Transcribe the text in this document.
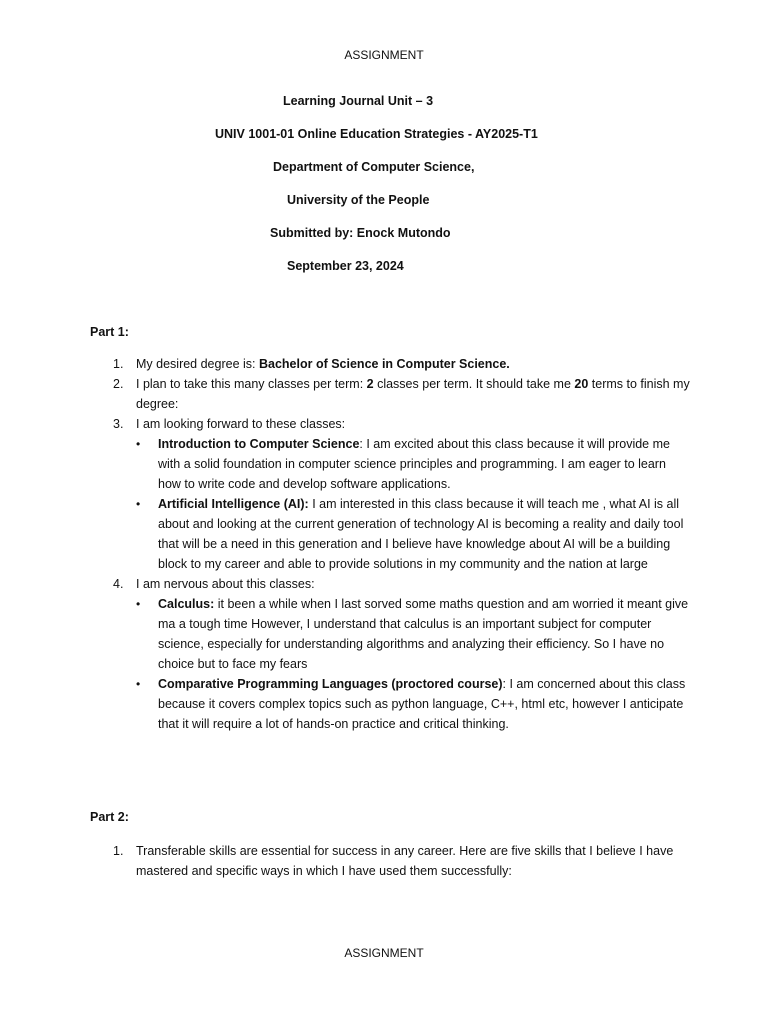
ASSIGNMENT
Learning Journal Unit – 3
UNIV 1001-01 Online Education Strategies - AY2025-T1
Department of Computer Science,
University of the People
Submitted by: Enock Mutondo
September 23, 2024
Part 1:
1. My desired degree is: Bachelor of Science in Computer Science.
2. I plan to take this many classes per term: 2 classes per term. It should take me 20 terms to finish my degree:
3. I am looking forward to these classes:
• Introduction to Computer Science: I am excited about this class because it will provide me with a solid foundation in computer science principles and programming. I am eager to learn how to write code and develop software applications.
• Artificial Intelligence (AI): I am interested in this class because it will teach me , what AI is all about and looking at the current generation of technology AI is becoming a reality and daily tool that will be a need in this generation and I believe have knowledge about AI will be a building block to my career and able to provide solutions in my community and the nation at large
4. I am nervous about this classes:
• Calculus: it been a while when I last sorved some maths question and am worried it meant give ma a tough time However, I understand that calculus is an important subject for computer science, especially for understanding algorithms and analyzing their efficiency. So I have no choice but to face my fears
• Comparative Programming Languages (proctored course): I am concerned about this class because it covers complex topics such as python language, C++, html etc, however I anticipate that it will require a lot of hands-on practice and critical thinking.
Part 2:
1. Transferable skills are essential for success in any career. Here are five skills that I believe I have mastered and specific ways in which I have used them successfully:
ASSIGNMENT
